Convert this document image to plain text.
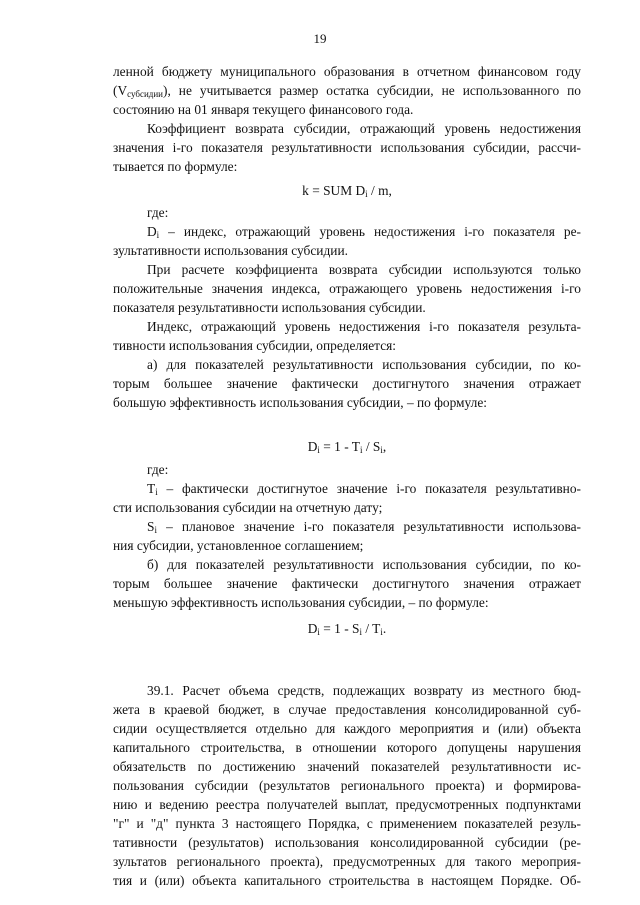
19
ленной бюджету муниципального образования в отчетном финансовом году
$(V_{субсидии})$, не учитывается размер остатка субсидии, не использованного по
состоянию на 01 января текущего финансового года.
Коэффициент возврата субсидии, отражающий уровень недостижения
значения i-го показателя результативности использования субсидии, рассчи-
тывается по формуле:
где:
$D_i$ – индекс, отражающий уровень недостижения i-го показателя ре-
зультативности использования субсидии.
При расчете коэффициента возврата субсидии используются только
положительные значения индекса, отражающего уровень недостижения i-го
показателя результативности использования субсидии.
Индекс, отражающий уровень недостижения i-го показателя результа-
тивности использования субсидии, определяется:
а) для показателей результативности использования субсидии, по ко-
торым большее значение фактически достигнутого значения отражает
большую эффективность использования субсидии, – по формуле:
где:
$T_i$ – фактически достигнутое значение i-го показателя результативно-
сти использования субсидии на отчетную дату;
$S_i$ – плановое значение i-го показателя результативности использова-
ния субсидии, установленное соглашением;
б) для показателей результативности использования субсидии, по ко-
торым большее значение фактически достигнутого значения отражает
меньшую эффективность использования субсидии, – по формуле:
39.1. Расчет объема средств, подлежащих возврату из местного бюд-
жета в краевой бюджет, в случае предоставления консолидированной суб-
сидии осуществляется отдельно для каждого мероприятия и (или) объекта
капитального строительства, в отношении которого допущены нарушения
обязательств по достижению значений показателей результативности ис-
пользования субсидии (результатов регионального проекта) и формирова-
нию и ведению реестра получателей выплат, предусмотренных подпунктами
"г" и "д" пункта 3 настоящего Порядка, с применением показателей резуль-
тативности (результатов) использования консолидированной субсидии (ре-
зультатов регионального проекта), предусмотренных для такого мероприя-
тия и (или) объекта капитального строительства в настоящем Порядке. Об-
k = SUM $D_i$ / m,
$D_i = 1 - T_i / S_i$,
$D_i = 1 - S_i / T_i$.
